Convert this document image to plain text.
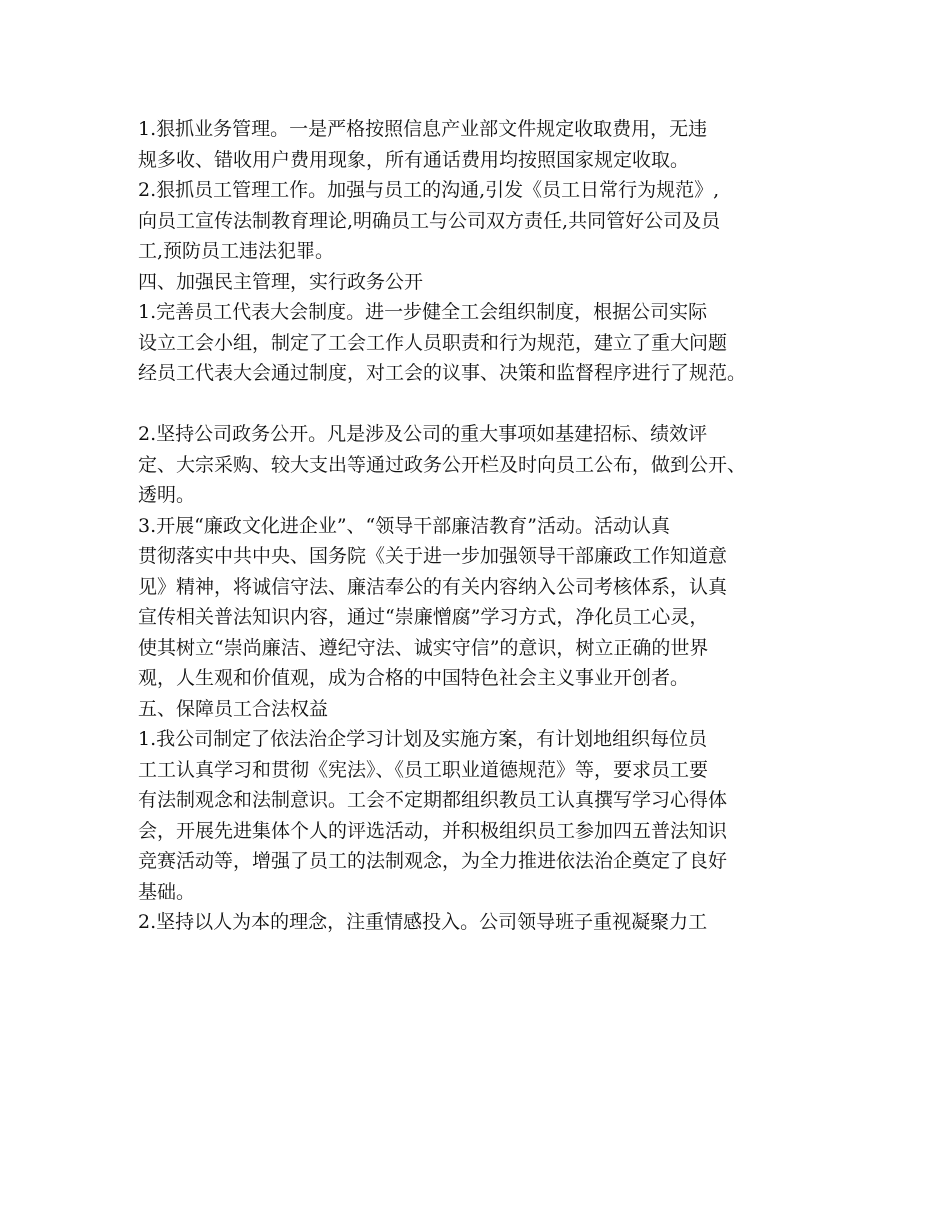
1.狠抓业务管理。一是严格按照信息产业部文件规定收取费用，无违
规多收、错收用户费用现象，所有通话费用均按照国家规定收取。
2.狠抓员工管理工作。加强与员工的沟通,引发《员工日常行为规范》,
向员工宣传法制教育理论,明确员工与公司双方责任,共同管好公司及员
工,预防员工违法犯罪。
四、加强民主管理，实行政务公开
1.完善员工代表大会制度。进一步健全工会组织制度，根据公司实际
设立工会小组，制定了工会工作人员职责和行为规范，建立了重大问题
经员工代表大会通过制度，对工会的议事、决策和监督程序进行了规范。
2.坚持公司政务公开。凡是涉及公司的重大事项如基建招标、绩效评
定、大宗采购、较大支出等通过政务公开栏及时向员工公布，做到公开、
透明。
3.开展“廉政文化进企业”、“领导干部廉洁教育”活动。活动认真
贯彻落实中共中央、国务院《关于进一步加强领导干部廉政工作知道意
见》精神，将诚信守法、廉洁奉公的有关内容纳入公司考核体系，认真
宣传相关普法知识内容，通过“崇廉憎腐”学习方式，净化员工心灵，
使其树立“崇尚廉洁、遵纪守法、诚实守信”的意识，树立正确的世界
观，人生观和价值观，成为合格的中国特色社会主义事业开创者。
五、保障员工合法权益
1.我公司制定了依法治企学习计划及实施方案，有计划地组织每位员
工工认真学习和贯彻《宪法》、《员工职业道德规范》等，要求员工要
有法制观念和法制意识。工会不定期都组织教员工认真撰写学习心得体
会，开展先进集体个人的评选活动，并积极组织员工参加四五普法知识
竞赛活动等，增强了员工的法制观念，为全力推进依法治企奠定了良好
基础。
2.坚持以人为本的理念，注重情感投入。公司领导班子重视凝聚力工
